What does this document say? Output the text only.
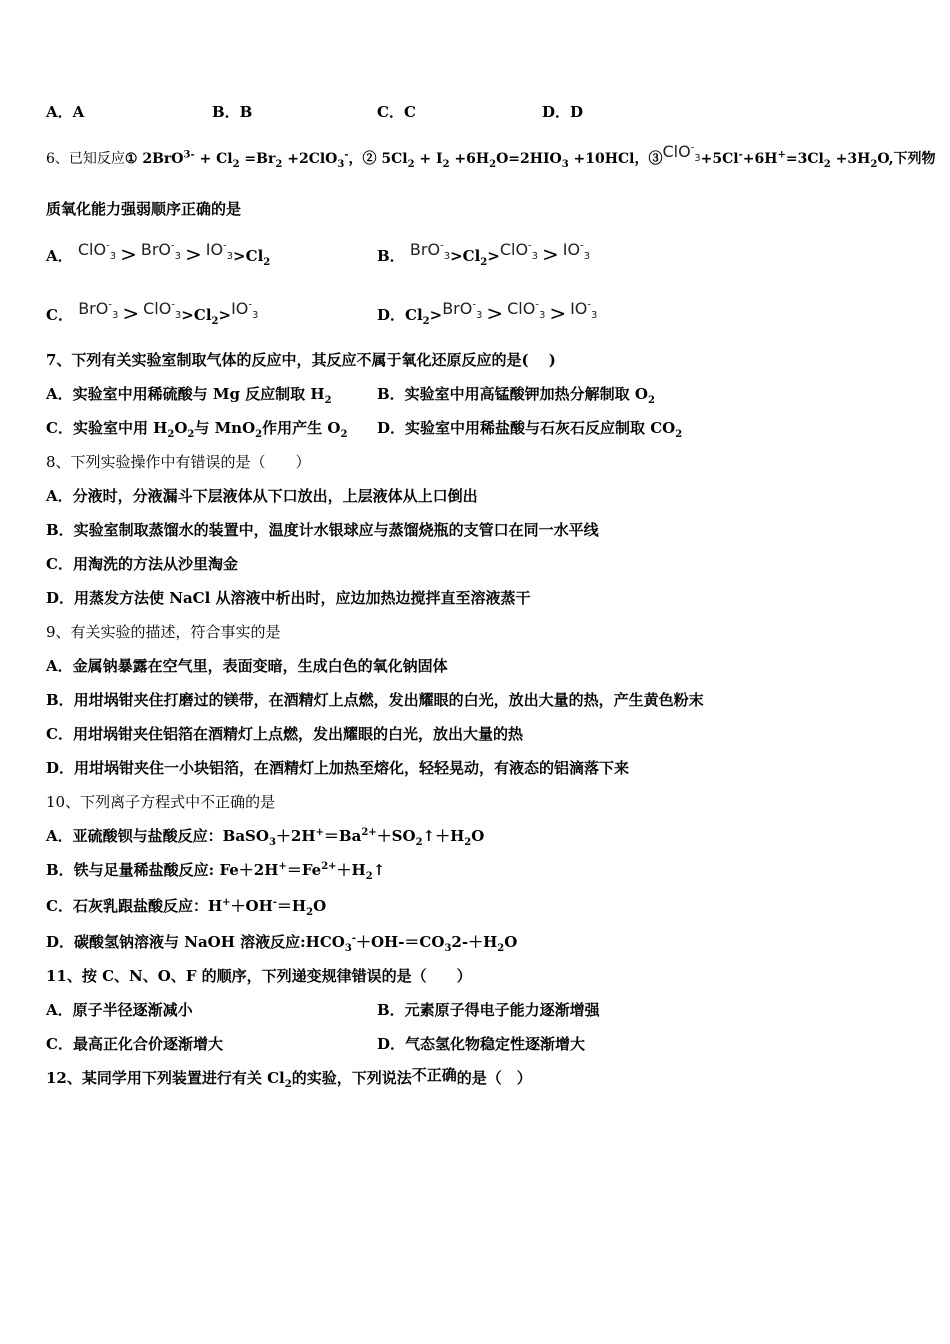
A．A	B．B	C．C	D．D
6、已知反应① $2BrO^{3-} + Cl_2 =Br_2 +2ClO_3^-$，② $5Cl_2 + I_2 +6H_2O=2HIO_3 +10HCl$，$③ClO^-_3+5Cl^-+6H^+=3Cl_2 +3H_2O$,下列物
质氧化能力强弱顺序正确的是
A． $ClO^-_3 > BrO^-_3 > IO^-_3>Cl_2$	B． $BrO^-_3>Cl_2>ClO^-_3 > IO^-_3$
C． $BrO^-_3 > ClO^-_3>Cl_2>IO^-_3$	D．$Cl_2>BrO^-_3 > ClO^-_3 > IO^-_3$
7、下列有关实验室制取气体的反应中，其反应不属于氧化还原反应的是(　 )
A．实验室中用稀硫酸与 Mg 反应制取 $H_2$	B．实验室中用高锰酸钾加热分解制取 $O_2$
C．实验室中用 $H_2O_2$与 MnO$_2$作用产生 $O_2$ D．实验室中用稀盐酸与石灰石反应制取 $CO_2$
8、下列实验操作中有错误的是（　　）
A．分液时，分液漏斗下层液体从下口放出，上层液体从上口倒出
B．实验室制取蒸馏水的装置中，温度计水银球应与蒸馏烧瓶的支管口在同一水平线
C．用淘洗的方法从沙里淘金
D．用蒸发方法使 NaCl 从溶液中析出时，应边加热边搅拌直至溶液蒸干
9、有关实验的描述，符合事实的是
A．金属钠暴露在空气里，表面变暗，生成白色的氧化钠固体
B．用坩埚钳夹住打磨过的镁带，在酒精灯上点燃，发出耀眼的白光，放出大量的热，产生黄色粉末
C．用坩埚钳夹住铝箔在酒精灯上点燃，发出耀眼的白光，放出大量的热
D．用坩埚钳夹住一小块铝箔，在酒精灯上加热至熔化，轻轻晃动，有液态的铝滴落下来
10、下列离子方程式中不正确的是
A．亚硫酸钡与盐酸反应：$BaSO_3+2H^+=Ba^{2+}+SO_2↑+H_2O$
B．铁与足量稀盐酸反应: $Fe+2H^+=Fe^{2+}+H_2↑$
C．石灰乳跟盐酸反应：$H^++OH^-=H_2O$
D．碳酸氢钠溶液与 NaOH 溶液反应$:HCO_3^-+OH-=CO_32-+H_2O$
11、按 C、N、O、F 的顺序，下列递变规律错误的是（　　）
A．原子半径逐渐减小	B．元素原子得电子能力逐渐增强
C．最高正化合价逐渐增大	D．气态氢化物稳定性逐渐增大
12、某同学用下列装置进行有关 $Cl_2$的实验，下列说法不正确的是（　）
